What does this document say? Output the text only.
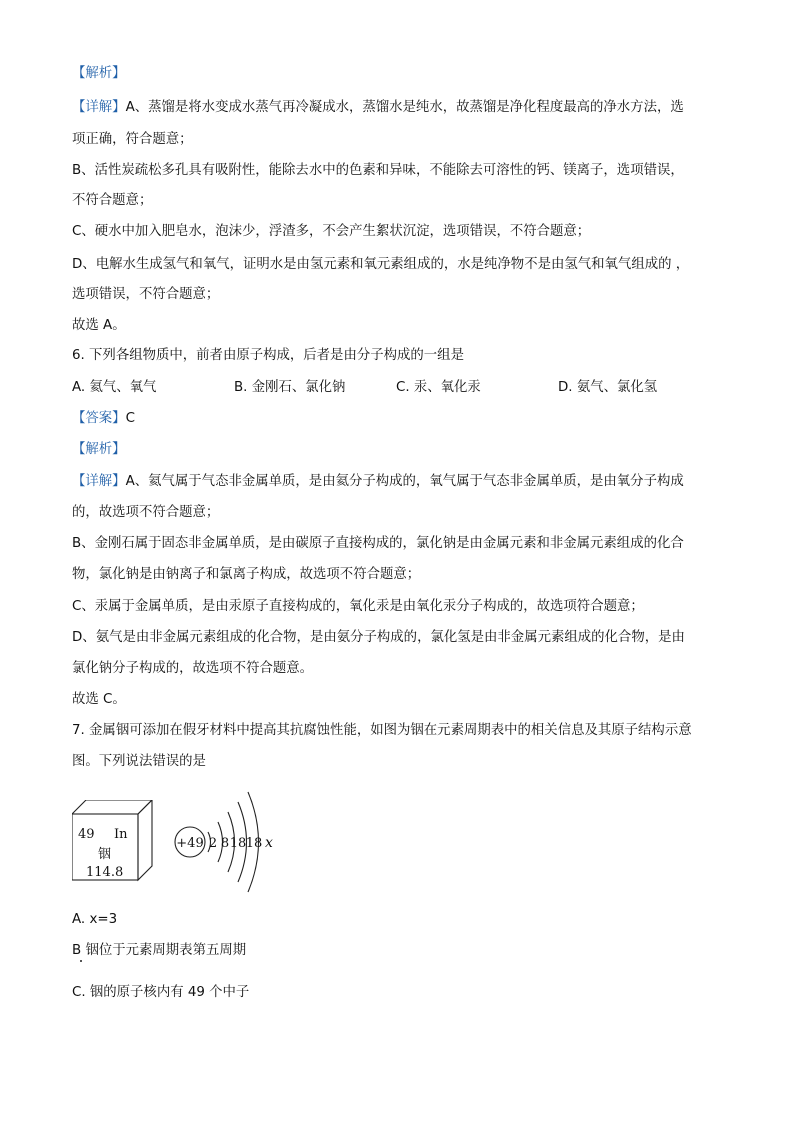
【解析】
【详解】A、蒸馏是将水变成水蒸气再冷凝成水，蒸馏水是纯水，故蒸馏是净化程度最高的净水方法，选
项正确，符合题意；
B、活性炭疏松多孔具有吸附性，能除去水中的色素和异味，不能除去可溶性的钙、镁离子，选项错误，
不符合题意；
C、硬水中加入肥皂水，泡沫少，浮渣多，不会产生絮状沉淀，选项错误，不符合题意；
D、电解水生成氢气和氧气，证明水是由氢元素和氧元素组成的，水是纯净物不是由氢气和氧气组成的 ，
选项错误，不符合题意；
故选 A。
6. 下列各组物质中，前者由原子构成，后者是由分子构成的一组是
A. 氦气、氧气	B. 金刚石、氯化钠	C. 汞、氧化汞	D. 氨气、氯化氢
【答案】C
【解析】
【详解】A、氦气属于气态非金属单质，是由氦分子构成的，氧气属于气态非金属单质，是由氧分子构成
的，故选项不符合题意；
B、金刚石属于固态非金属单质，是由碳原子直接构成的，氯化钠是由金属元素和非金属元素组成的化合
物，氯化钠是由钠离子和氯离子构成，故选项不符合题意；
C、汞属于金属单质，是由汞原子直接构成的，氧化汞是由氧化汞分子构成的，故选项符合题意；
D、氨气是由非金属元素组成的化合物，是由氨分子构成的，氯化氢是由非金属元素组成的化合物，是由
氯化钠分子构成的，故选项不符合题意。
故选 C。
7. 金属铟可添加在假牙材料中提高其抗腐蚀性能，如图为铟在元素周期表中的相关信息及其原子结构示意
图。下列说法错误的是
49 In
铟
114.8
+49 2 8 18 18 x
A. x=3
B 铟位于元素周期表第五周期
C. 铟的原子核内有 49 个中子
